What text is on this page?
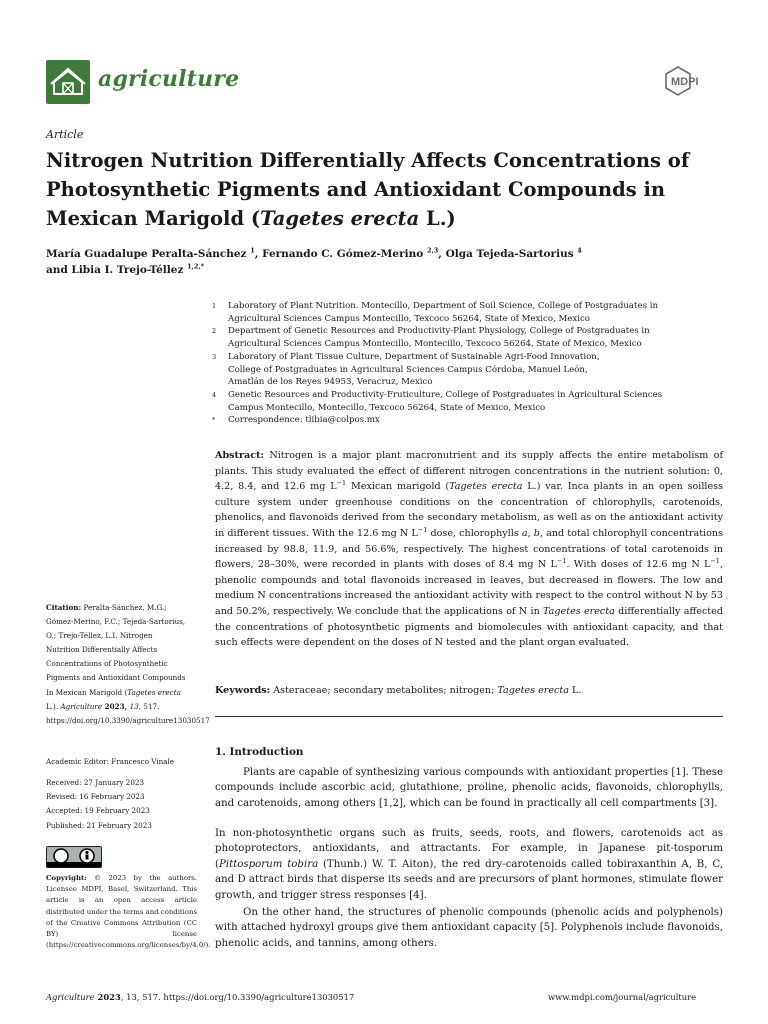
agriculture	MDPI
Article
Nitrogen Nutrition Differentially Affects Concentrations of Photosynthetic Pigments and Antioxidant Compounds in Mexican Marigold (Tagetes erecta L.)
María Guadalupe Peralta-Sánchez $^1$, Fernando C. Gómez-Merino $^{2,3}$, Olga Tejeda-Sartorius $^4$
and Libia I. Trejo-Téllez $^{1,2,*}$
1 Laboratory of Plant Nutrition. Montecillo, Department of Soil Science, College of Postgraduates in
Agricultural Sciences Campus Montecillo, Texcoco 56264, State of Mexico, Mexico
2 Department of Genetic Resources and Productivity-Plant Physiology, College of Postgraduates in
Agricultural Sciences Campus Montecillo, Montecillo, Texcoco 56264, State of Mexico, Mexico
3 Laboratory of Plant Tissue Culture, Department of Sustainable Agri-Food Innovation,
College of Postgraduates in Agricultural Sciences Campus Córdoba, Manuel León,
Amatlán de los Reyes 94953, Veracruz, Mexico
4 Genetic Resources and Productivity-Fruticulture, College of Postgraduates in Agricultural Sciences
Campus Montecillo, Montecillo, Texcoco 56264, State of Mexico, Mexico
* Correspondence: tlibia@colpos.mx

Abstract: Nitrogen is a major plant macronutrient and its supply affects the entire metabolism of plants. This study evaluated the effect of different nitrogen concentrations in the nutrient solution: 0, 4.2, 8.4, and 12.6 mg $L^{-1}$ Mexican marigold (Tagetes erecta L.) var. Inca plants in an open soilless culture system under greenhouse conditions on the concentration of chlorophylls, carotenoids, phenolics, and flavonoids derived from the secondary metabolism, as well as on the antioxidant activity in different tissues. With the 12.6 mg N $L^{-1}$ dose, chlorophylls a, b, and total chlorophyll concentrations increased by 98.8, 11.9, and 56.6%, respectively. The highest concentrations of total carotenoids in flowers, 28–30%, were recorded in plants with doses of 8.4 mg N $L^{-1}$. With doses of 12.6 mg N $L^{-1}$, phenolic compounds and total flavonoids increased in leaves, but decreased in flowers. The low and medium N concentrations increased the antioxidant activity with respect to the control without N by 53 and 50.2%, respectively. We conclude that the applications of N in Tagetes erecta differentially affected the concentrations of photosynthetic pigments and biomolecules with antioxidant capacity, and that such effects were dependent on the doses of N tested and the plant organ evaluated.

Keywords: Asteraceae; secondary metabolites; nitrogen; Tagetes erecta L.
1. Introduction

Plants are capable of synthesizing various compounds with antioxidant properties [1]. These compounds include ascorbic acid, glutathione, proline, phenolic acids, flavonoids, chlorophylls, and carotenoids, among others [1,2], which can be found in practically all cell compartments [3].

In non-photosynthetic organs such as fruits, seeds, roots, and flowers, carotenoids act as photoprotectors, antioxidants, and attractants. For example, in Japanese pit-tosporum (Pittosporum tobira (Thunb.) W. T. Aiton), the red dry-carotenoids called tobiraxanthin A, B, C, and D attract birds that disperse its seeds and are precursors of plant hormones, stimulate flower growth, and trigger stress responses [4].

On the other hand, the structures of phenolic compounds (phenolic acids and polyphenols) with attached hydroxyl groups give them antioxidant capacity [5]. Polyphenols include flavonoids, phenolic acids, and tannins, among others.

Citation: Peralta-Sánchez, M.G.; Gómez-Merino, F.C.; Tejeda-Sartorius, O.; Trejo-Téllez, L.I. Nitrogen Nutrition Differentially Affects Concentrations of Photosynthetic Pigments and Antioxidant Compounds In Mexican Marigold (Tagetes erecta L.). Agriculture 2023, 13, 517. https://doi.org/10.3390/agriculture13030517
Academic Editor: Francesco Vinale
Received: 27 January 2023
Revised: 16 February 2023
Accepted: 19 February 2023
Published: 21 February 2023
Copyright: © 2023 by the authors. Licensee MDPI, Basel, Switzerland. This article is an open access article distributed under the terms and conditions of the Creative Commons Attribution (CC BY) license (https://creativecommons.org/licenses/by/4.0/).
Agriculture 2023, 13, 517. https://doi.org/10.3390/agriculture13030517	www.mdpi.com/journal/agriculture
